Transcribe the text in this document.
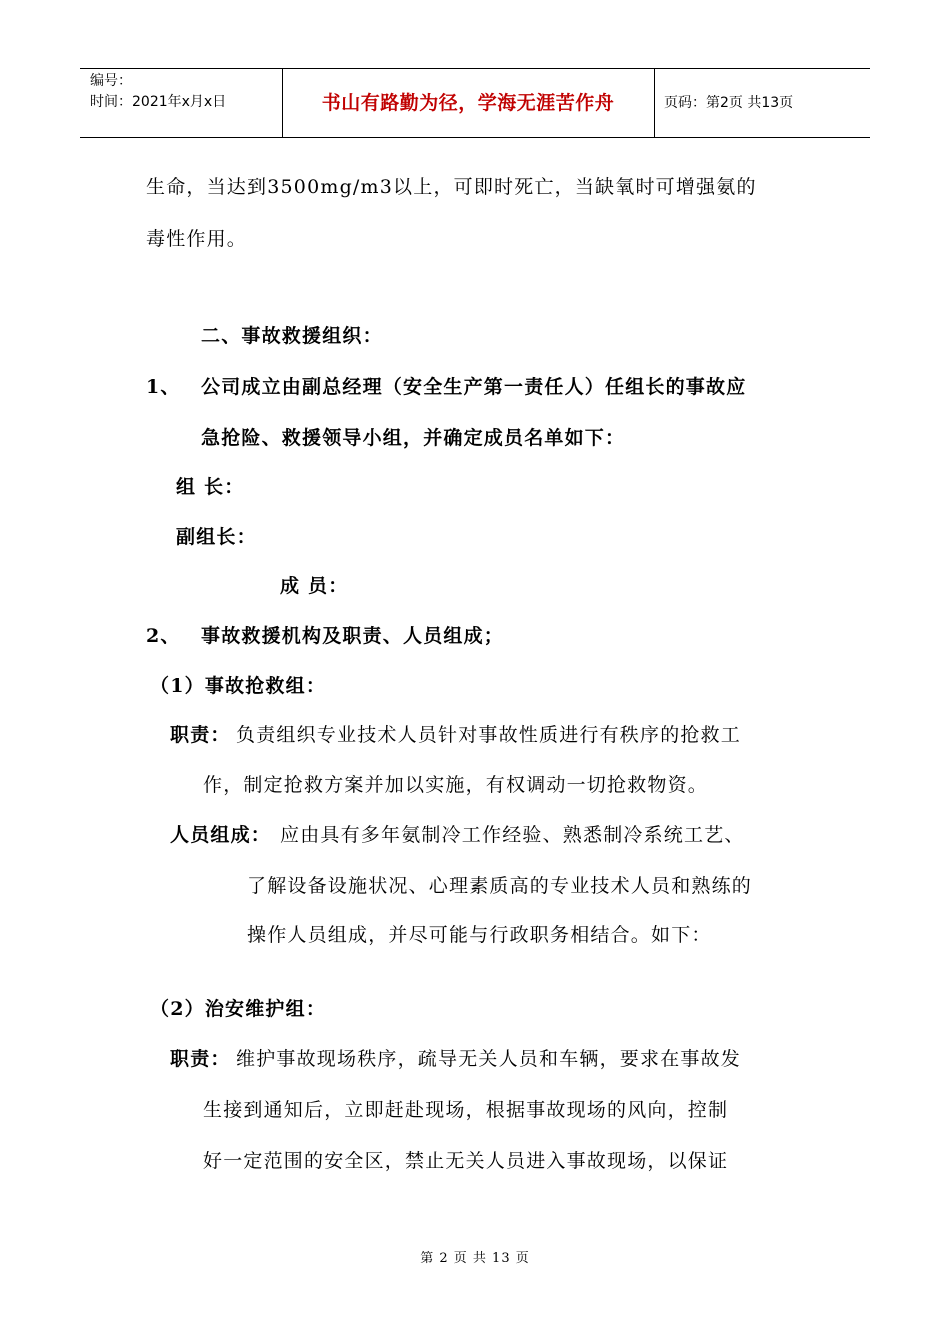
编号：
时间：2021年x月x日	书山有路勤为径，学海无涯苦作舟	页码：第2页 共13页
生命，当达到3500mg/m3以上，可即时死亡，当缺氧时可增强氨的
毒性作用。
二、事故救援组织：
1、 公司成立由副总经理（安全生产第一责任人）任组长的事故应
急抢险、救援领导小组，并确定成员名单如下：
组 长：
副组长：
成 员：
2、 事故救援机构及职责、人员组成；
（1）事故抢救组：
职责： 负责组织专业技术人员针对事故性质进行有秩序的抢救工
作，制定抢救方案并加以实施，有权调动一切抢救物资。
人员组成： 应由具有多年氨制冷工作经验、熟悉制冷系统工艺、
了解设备设施状况、心理素质高的专业技术人员和熟练的
操作人员组成，并尽可能与行政职务相结合。如下：
（2）治安维护组：
职责： 维护事故现场秩序，疏导无关人员和车辆，要求在事故发
生接到通知后，立即赶赴现场，根据事故现场的风向，控制
好一定范围的安全区，禁止无关人员进入事故现场，以保证
第 2 页 共 13 页
